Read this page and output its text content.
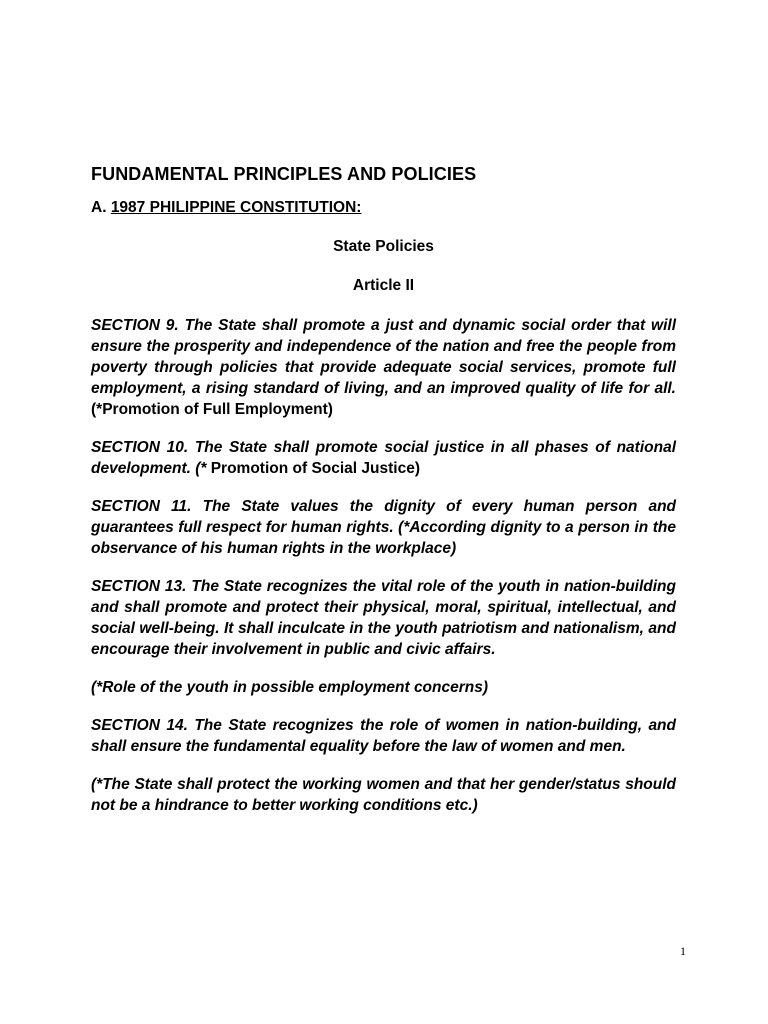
FUNDAMENTAL PRINCIPLES AND POLICIES

A. 1987 PHILIPPINE CONSTITUTION:

State Policies

Article II

SECTION 9. The State shall promote a just and dynamic social order that will ensure the prosperity and independence of the nation and free the people from poverty through policies that provide adequate social services, promote full employment, a rising standard of living, and an improved quality of life for all. (*Promotion of Full Employment)

SECTION 10. The State shall promote social justice in all phases of national development. (* Promotion of Social Justice)

SECTION 11. The State values the dignity of every human person and guarantees full respect for human rights. (*According dignity to a person in the observance of his human rights in the workplace)

SECTION 13. The State recognizes the vital role of the youth in nation-building and shall promote and protect their physical, moral, spiritual, intellectual, and social well-being. It shall inculcate in the youth patriotism and nationalism, and encourage their involvement in public and civic affairs.

(*Role of the youth in possible employment concerns)

SECTION 14. The State recognizes the role of women in nation-building, and shall ensure the fundamental equality before the law of women and men.

(*The State shall protect the working women and that her gender/status should not be a hindrance to better working conditions etc.)

1
